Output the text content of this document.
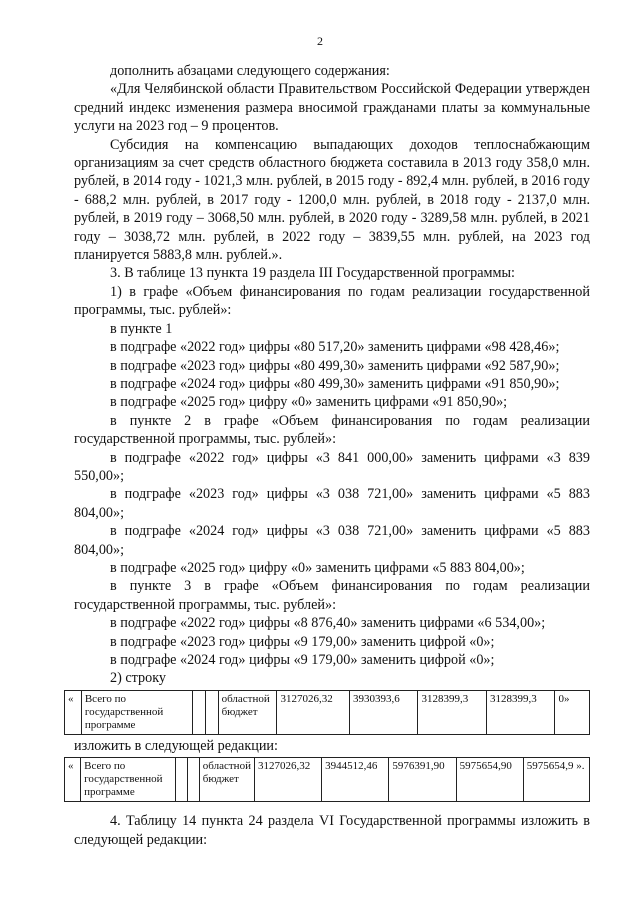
2

дополнить абзацами следующего содержания:

«Для Челябинской области Правительством Российской Федерации утвержден средний индекс изменения размера вносимой гражданами платы за коммунальные услуги на 2023 год – 9 процентов.

Субсидия на компенсацию выпадающих доходов теплоснабжающим организациям за счет средств областного бюджета составила в 2013 году 358,0 млн. рублей, в 2014 году - 1021,3 млн. рублей, в 2015 году - 892,4 млн. рублей, в 2016 году - 688,2 млн. рублей, в 2017 году - 1200,0 млн. рублей, в 2018 году - 2137,0 млн. рублей, в 2019 году – 3068,50 млн. рублей, в 2020 году - 3289,58 млн. рублей, в 2021 году – 3038,72 млн. рублей, в 2022 году – 3839,55 млн. рублей, на 2023 год планируется 5883,8 млн. рублей.».

3. В таблице 13 пункта 19 раздела III Государственной программы:

1) в графе «Объем финансирования по годам реализации государственной программы, тыс. рублей»:

в пункте 1

в подграфе «2022 год» цифры «80 517,20» заменить цифрами «98 428,46»;

в подграфе «2023 год» цифры «80 499,30» заменить цифрами «92 587,90»;

в подграфе «2024 год» цифры «80 499,30» заменить цифрами «91 850,90»;

в подграфе «2025 год» цифру «0» заменить цифрами «91 850,90»;

в пункте 2 в графе «Объем финансирования по годам реализации государственной программы, тыс. рублей»:

в подграфе «2022 год» цифры «3 841 000,00» заменить цифрами «3 839 550,00»;

в подграфе «2023 год» цифры «3 038 721,00» заменить цифрами «5 883 804,00»;

в подграфе «2024 год» цифры «3 038 721,00» заменить цифрами «5 883 804,00»;

в подграфе «2025 год» цифру «0» заменить цифрами «5 883 804,00»;

в пункте 3 в графе «Объем финансирования по годам реализации государственной программы, тыс. рублей»:

в подграфе «2022 год» цифры «8 876,40» заменить цифрами «6 534,00»;

в подграфе «2023 год» цифры «9 179,00» заменить цифрой «0»;

в подграфе «2024 год» цифры «9 179,00» заменить цифрой «0»;

2) строку

«	Всего по государственной программе			областной бюджет	3127026,32	3930393,6	3128399,3	3128399,3	0»

изложить в следующей редакции:

«	Всего по государственной программе			областной бюджет	3127026,32	3944512,46	5976391,90	5975654,90	5975654,9 ».

4. Таблицу 14 пункта 24 раздела VI Государственной программы изложить в следующей редакции:
